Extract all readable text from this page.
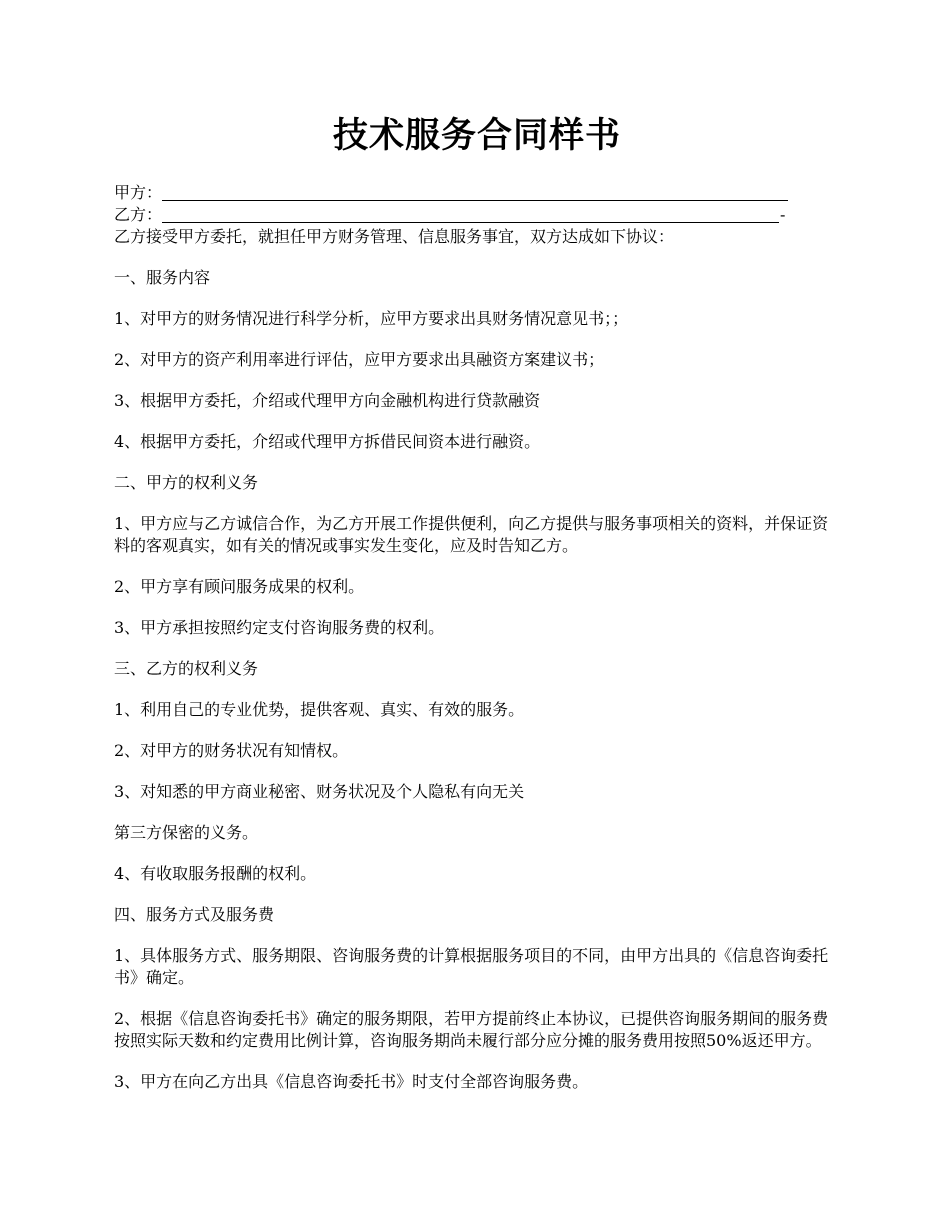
技术服务合同样书
甲方：
乙方：	-

乙方接受甲方委托，就担任甲方财务管理、信息服务事宜，双方达成如下协议：

一、服务内容

1、对甲方的财务情况进行科学分析，应甲方要求出具财务情况意见书；；

2、对甲方的资产利用率进行评估，应甲方要求出具融资方案建议书；

3、根据甲方委托，介绍或代理甲方向金融机构进行贷款融资

4、根据甲方委托，介绍或代理甲方拆借民间资本进行融资。

二、甲方的权利义务

1、甲方应与乙方诚信合作，为乙方开展工作提供便利，向乙方提供与服务事项相关的资料，并保证资料的客观真实，如有关的情况或事实发生变化，应及时告知乙方。

2、甲方享有顾问服务成果的权利。

3、甲方承担按照约定支付咨询服务费的权利。

三、乙方的权利义务

1、利用自己的专业优势，提供客观、真实、有效的服务。

2、对甲方的财务状况有知情权。

3、对知悉的甲方商业秘密、财务状况及个人隐私有向无关

第三方保密的义务。

4、有收取服务报酬的权利。

四、服务方式及服务费

1、具体服务方式、服务期限、咨询服务费的计算根据服务项目的不同，由甲方出具的《信息咨询委托书》确定。

2、根据《信息咨询委托书》确定的服务期限，若甲方提前终止本协议，已提供咨询服务期间的服务费按照实际天数和约定费用比例计算，咨询服务期尚未履行部分应分摊的服务费用按照50%返还甲方。

3、甲方在向乙方出具《信息咨询委托书》时支付全部咨询服务费。
